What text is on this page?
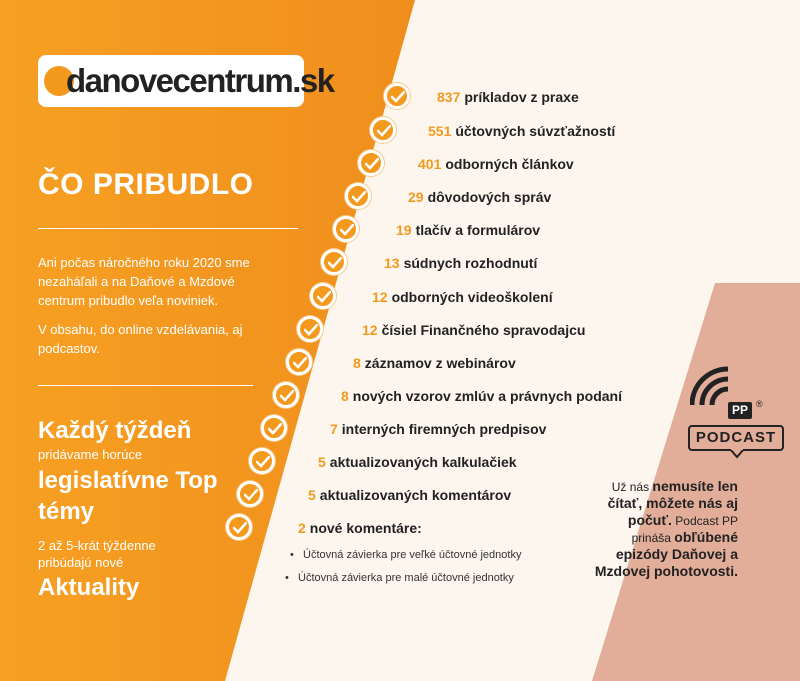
danovecentrum.sk
ČO PRIBUDLO
Ani počas náročného roku 2020 sme nezaháľali a na Daňové a Mzdové centrum pribudlo veľa noviniek.
V obsahu, do online vzdelávania, aj podcastov.
Každý týždeň
pridávame horúce
legislatívne Top
témy
2 až 5-krát týždenne pribúdajú nové
Aktuality
837 príkladov z praxe
551 účtovných súvzťažností
401 odborných článkov
29 dôvodových správ
19 tlačív a formulárov
13 súdnych rozhodnutí
12 odborných videoškolení
12 čísiel Finančného spravodajcu
8 záznamov z webinárov
8 nových vzorov zmlúv a právnych podaní
7 interných firemných predpisov
5 aktualizovaných kalkulačiek
5 aktualizovaných komentárov
2 nové komentáre:
•   Účtovná závierka pre veľké účtovné jednotky
•   Účtovná závierka pre malé účtovné jednotky
PP ®
PODCAST
Už nás nemusíte len čítať, môžete nás aj počuť. Podcast PP prináša obľúbené epizódy Daňovej a Mzdovej pohotovosti.
